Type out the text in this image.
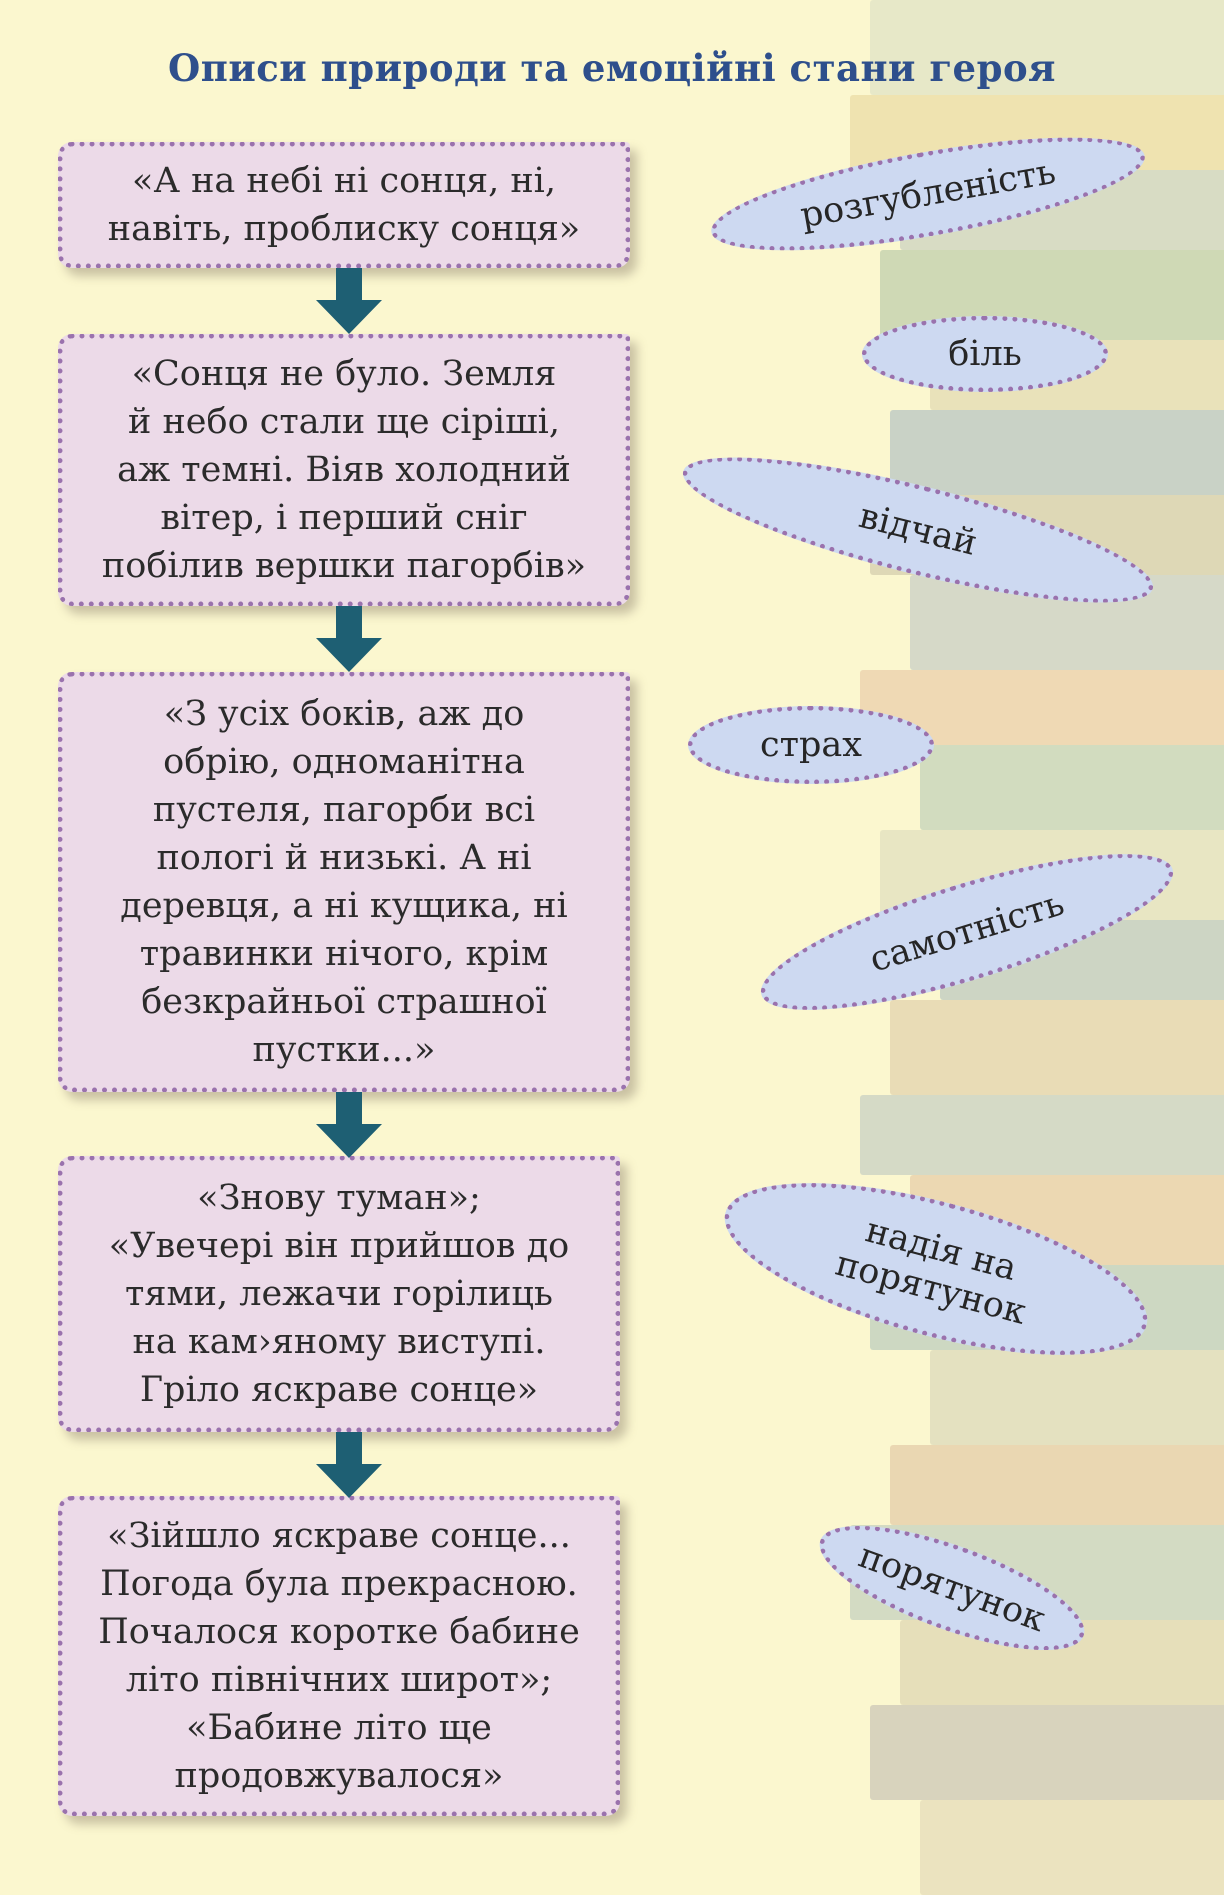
Описи природи та емоційні стани героя
«А на небі ні сонця, ні,
навіть, проблиску сонця»
«Сонця не було. Земля
й небо стали ще сіріші,
аж темні. Віяв холодний
вітер, і перший сніг
побілив вершки пагорбів»
«З усіх боків, аж до
обрію, одноманітна
пустеля, пагорби всі
пологі й низькі. А ні
деревця, а ні кущика, ні
травинки нічого, крім
безкрайньої страшної
пустки...»
«Знову туман»;
«Увечері він прийшов до
тями, лежачи горілиць
на кам›яному виступі.
Гріло яскраве сонце»
«Зійшло яскраве сонце...
Погода була прекрасною.
Почалося коротке бабине
літо північних широт»;
«Бабине літо ще
продовжувалося»
розгубленість
біль
відчай
страх
самотність
надія на
порятунок
порятунок
